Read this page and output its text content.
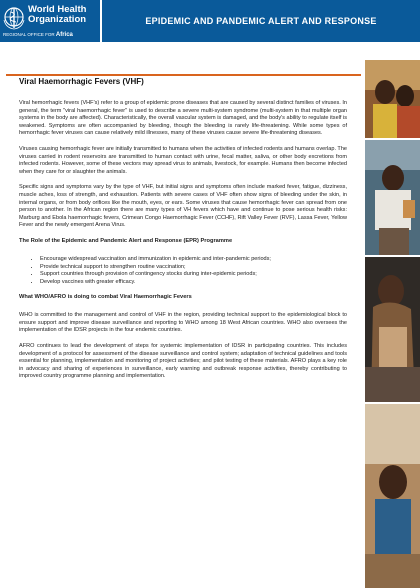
World Health
Organization
REGIONAL OFFICE FOR Africa
EPIDEMIC AND PANDEMIC ALERT AND RESPONSE
Viral Haemorrhagic Fevers (VHF)

Viral hemorrhagic fevers (VHF's) refer to a group of epidemic prone diseases that are caused by several distinct families of viruses. In general, the term "viral haemorrhagic fever" is used to describe a severe multi-system syndrome (multi-system in that multiple organ systems in the body are affected). Characteristically, the overall vascular system is damaged, and the body's ability to regulate itself is weakened. Symptoms are often accompanied by bleeding, though the bleeding is rarely life-threatening. While some types of hemorrhagic fever viruses can cause relatively mild illnesses, many of these viruses cause severe life-threatening diseases.

Viruses causing hemorrhagic fever are initially transmitted to humans when the activities of infected rodents and humans overlap. The viruses carried in rodent reservoirs are transmitted to human contact with urine, fecal matter, saliva, or other body excretions from infected rodents. However, some of these vectors may spread virus to animals, livestock, for example. Humans then become infected when they care for or slaughter the animals.

Specific signs and symptoms vary by the type of VHF, but initial signs and symptoms often include marked fever, fatigue, dizziness, muscle aches, loss of strength, and exhaustion. Patients with severe cases of VHF often show signs of bleeding under the skin, in internal organs, or from body orifices like the mouth, eyes, or ears. Some viruses that cause hemorrhagic fever can spread from one person to another. In the African region there are many types of VH fevers which have and continue to pose serious health risks: Marburg and Ebola haemorrhagic fevers, Crimean Congo Haemorrhagic Fever (CCHF), Rift Valley Fever (RVF), Lassa Fever, Yellow Fever and the newly emergent Arena Virus.

The Role of the Epidemic and Pandemic Alert and Response (EPR) Programme
• Encourage widespread vaccination and immunization in epidemic and inter-pandemic periods;
• Provide technical support to strengthen routine vaccination;
• Support countries through provision of contingency stocks during inter-epidemic periods;
• Develop vaccines with greater efficacy.
What WHO/AFRO is doing to combat Viral Haemorrhagic Fevers

WHO is committed to the management and control of VHF in the region, providing technical support to the epidemiological block to ensure support and improve disease surveillance and reporting to WHO among 18 West African countries. WHO also oversees the implementation of the IDSR projects in the four endemic countries.

AFRO continues to lead the development of steps for systemic implementation of IDSR in participating countries. This includes development of a protocol for assessment of the disease surveillance and control system; adaptation of technical guidelines and tools essential for planning, implementation and monitoring of project activities; and pilot testing of these materials. AFRO plays a key role in advocacy and sharing of experiences in surveillance, early warning and outbreak response activities, thereby contributing to improved country programme planning and implementation.
